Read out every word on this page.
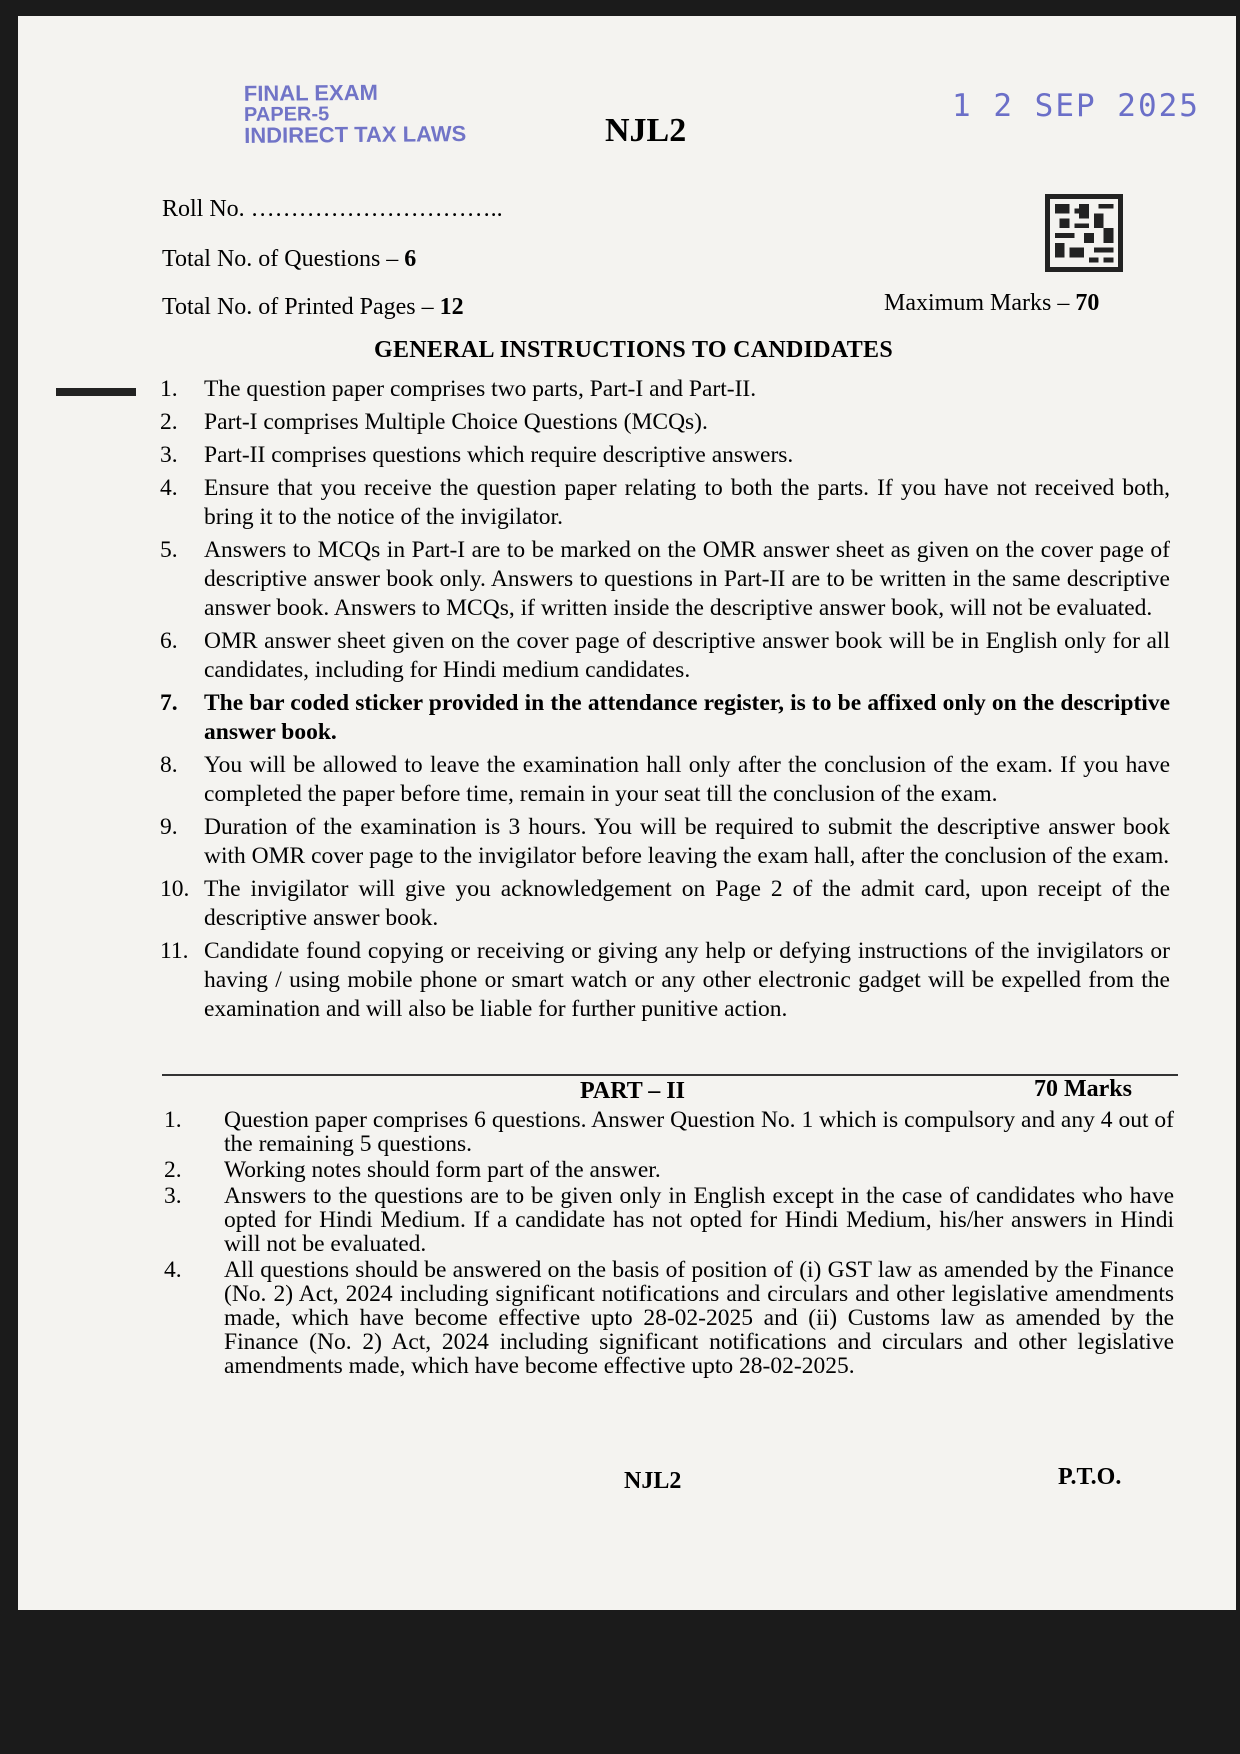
FINAL EXAM
PAPER-5
INDIRECT TAX LAWS
1 2 SEP 2025
NJL2
Roll No. …………………………..
Total No. of Questions – 6
Total No. of Printed Pages – 12	Maximum Marks – 70
GENERAL INSTRUCTIONS TO CANDIDATES
1. The question paper comprises two parts, Part-I and Part-II.
2. Part-I comprises Multiple Choice Questions (MCQs).
3. Part-II comprises questions which require descriptive answers.
4. Ensure that you receive the question paper relating to both the parts. If you have not received both, bring it to the notice of the invigilator.
5. Answers to MCQs in Part-I are to be marked on the OMR answer sheet as given on the cover page of descriptive answer book only. Answers to questions in Part-II are to be written in the same descriptive answer book. Answers to MCQs, if written inside the descriptive answer book, will not be evaluated.
6. OMR answer sheet given on the cover page of descriptive answer book will be in English only for all candidates, including for Hindi medium candidates.
7. The bar coded sticker provided in the attendance register, is to be affixed only on the descriptive answer book.
8. You will be allowed to leave the examination hall only after the conclusion of the exam. If you have completed the paper before time, remain in your seat till the conclusion of the exam.
9. Duration of the examination is 3 hours. You will be required to submit the descriptive answer book with OMR cover page to the invigilator before leaving the exam hall, after the conclusion of the exam.
10. The invigilator will give you acknowledgement on Page 2 of the admit card, upon receipt of the descriptive answer book.
11. Candidate found copying or receiving or giving any help or defying instructions of the invigilators or having / using mobile phone or smart watch or any other electronic gadget will be expelled from the examination and will also be liable for further punitive action.
PART – II	70 Marks
1. Question paper comprises 6 questions. Answer Question No. 1 which is compulsory and any 4 out of the remaining 5 questions.
2. Working notes should form part of the answer.
3. Answers to the questions are to be given only in English except in the case of candidates who have opted for Hindi Medium. If a candidate has not opted for Hindi Medium, his/her answers in Hindi will not be evaluated.
4. All questions should be answered on the basis of position of (i) GST law as amended by the Finance (No. 2) Act, 2024 including significant notifications and circulars and other legislative amendments made, which have become effective upto 28-02-2025 and (ii) Customs law as amended by the Finance (No. 2) Act, 2024 including significant notifications and circulars and other legislative amendments made, which have become effective upto 28-02-2025.
NJL2	P.T.O.
